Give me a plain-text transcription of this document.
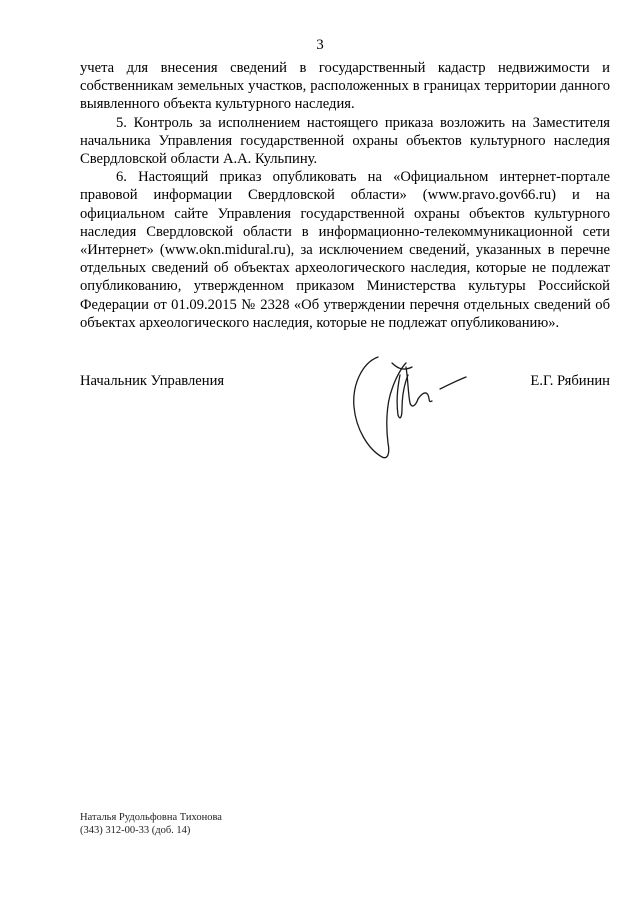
3

учета для внесения сведений в государственный кадастр недвижимости и собственникам земельных участков, расположенных в границах территории данного выявленного объекта культурного наследия.

5. Контроль за исполнением настоящего приказа возложить на Заместителя начальника Управления государственной охраны объектов культурного наследия Свердловской области А.А. Кульпину.

6. Настоящий приказ опубликовать на «Официальном интернет-портале правовой информации Свердловской области» (www.pravo.gov66.ru) и на официальном сайте Управления государственной охраны объектов культурного наследия Свердловской области в информационно-телекоммуникационной сети «Интернет» (www.okn.midural.ru), за исключением сведений, указанных в перечне отдельных сведений об объектах археологического наследия, которые не подлежат опубликованию, утвержденном приказом Министерства культуры Российской Федерации от 01.09.2015 № 2328 «Об утверждении перечня отдельных сведений об объектах археологического наследия, которые не подлежат опубликованию».

Начальник Управления	Е.Г. Рябинин
Наталья Рудольфовна Тихонова
(343) 312-00-33 (доб. 14)
